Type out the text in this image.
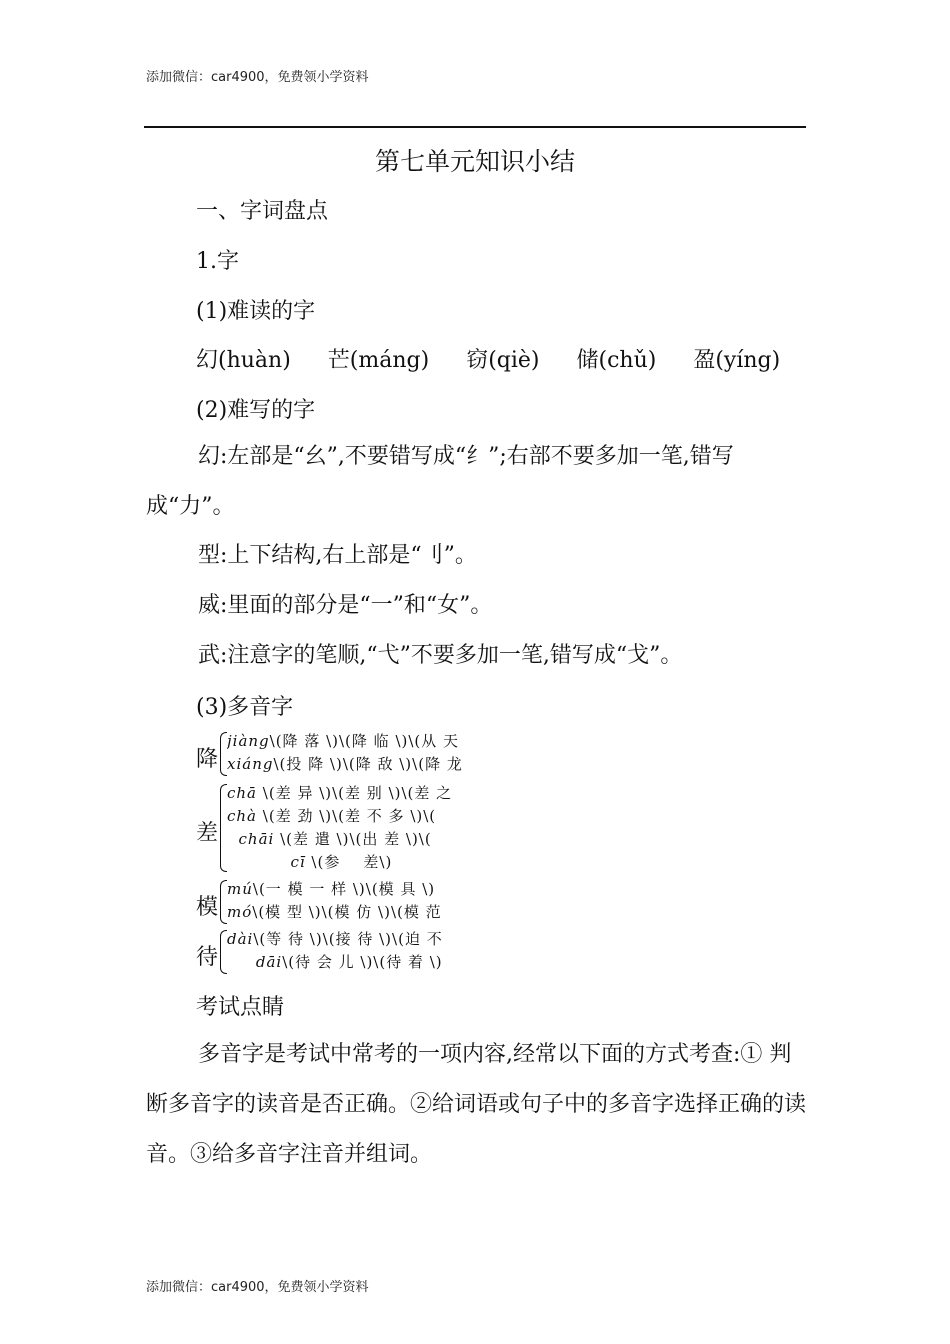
添加微信：car4900，免费领小学资料
第七单元知识小结
一、字词盘点
1.字
(1)难读的字
幻(huàn) 芒(máng) 窃(qiè) 储(chǔ) 盈(yíng)
(2)难写的字
幻:左部是“幺”,不要错写成“纟”;右部不要多加一笔,错写成“力”。
型:上下结构,右上部是“刂”。
威:里面的部分是“一”和“女”。
武:注意字的笔顺,“弋”不要多加一笔,错写成“戈”。
(3)多音字
降
jiàng\(降 落 \)\(降 临 \)\(从 天
xiáng\(投 降 \)\(降 敌 \)\(降 龙
差
chā \(差 异 \)\(差 别 \)\(差 之
chà \(差 劲 \)\(差 不 多 \)\(
chāi \(差 遣 \)\(出 差 \)\(
cī \(参    差\)
模
mú\(一 模 一 样 \)\(模 具 \)
mó\(模 型 \)\(模 仿 \)\(模 范
待
dài\(等 待 \)\(接 待 \)\(迫 不
dāi\(待 会 儿 \)\(待 着 \)
考试点睛
多音字是考试中常考的一项内容,经常以下面的方式考查:① 判断多音字的读音是否正确。②给词语或句子中的多音字选择正确的读音。③给多音字注音并组词。
添加微信：car4900，免费领小学资料
